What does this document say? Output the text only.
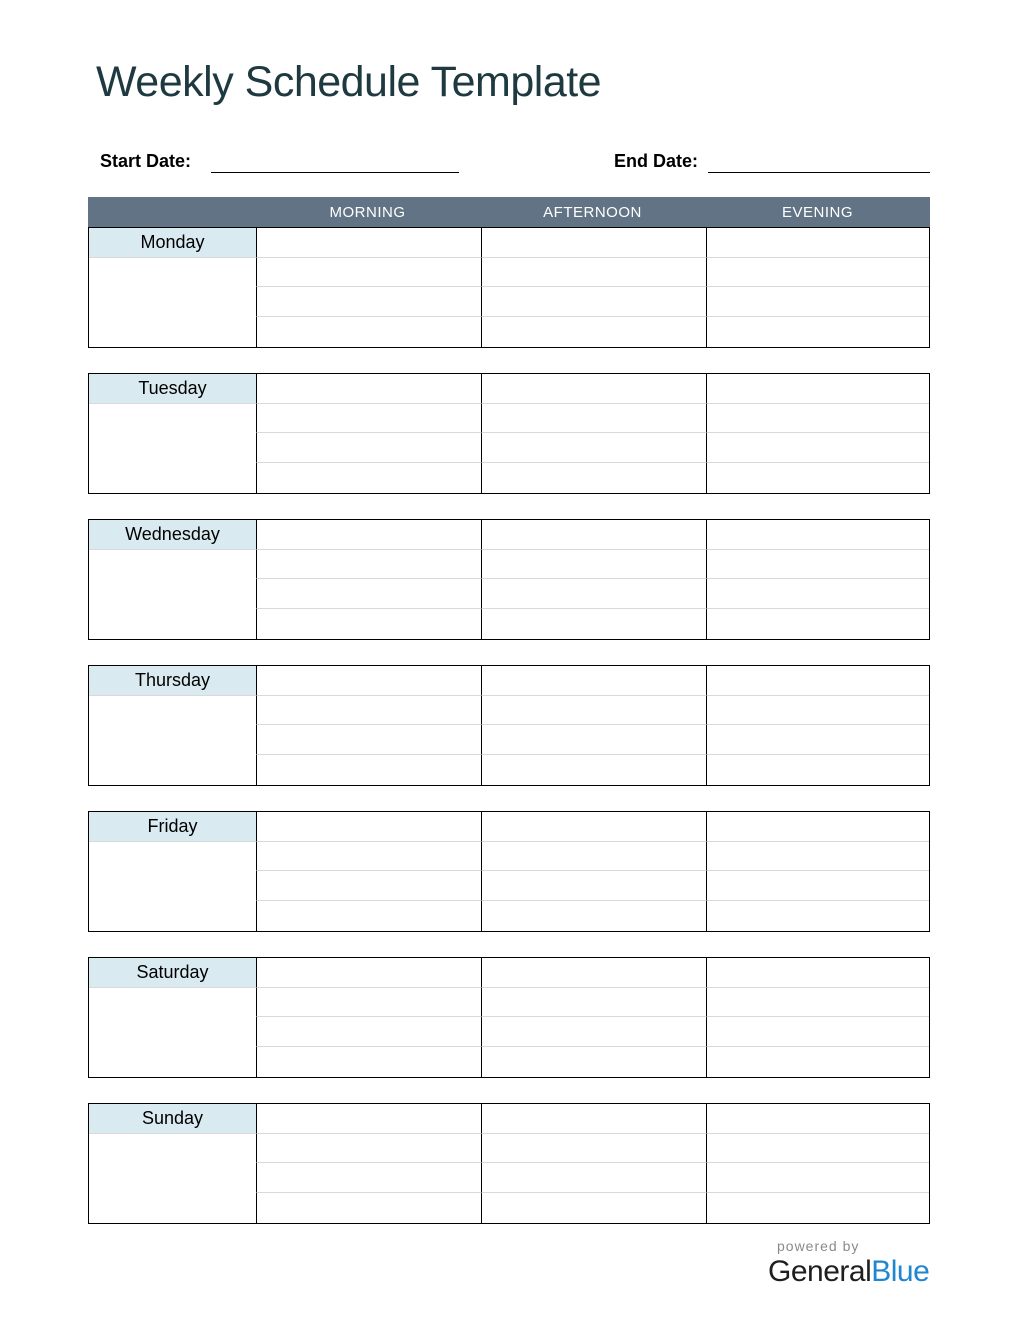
Weekly Schedule Template
Start Date:	End Date:
MORNING	AFTERNOON	EVENING
Monday
Tuesday
Wednesday
Thursday
Friday
Saturday
Sunday
powered by
GeneralBlue
